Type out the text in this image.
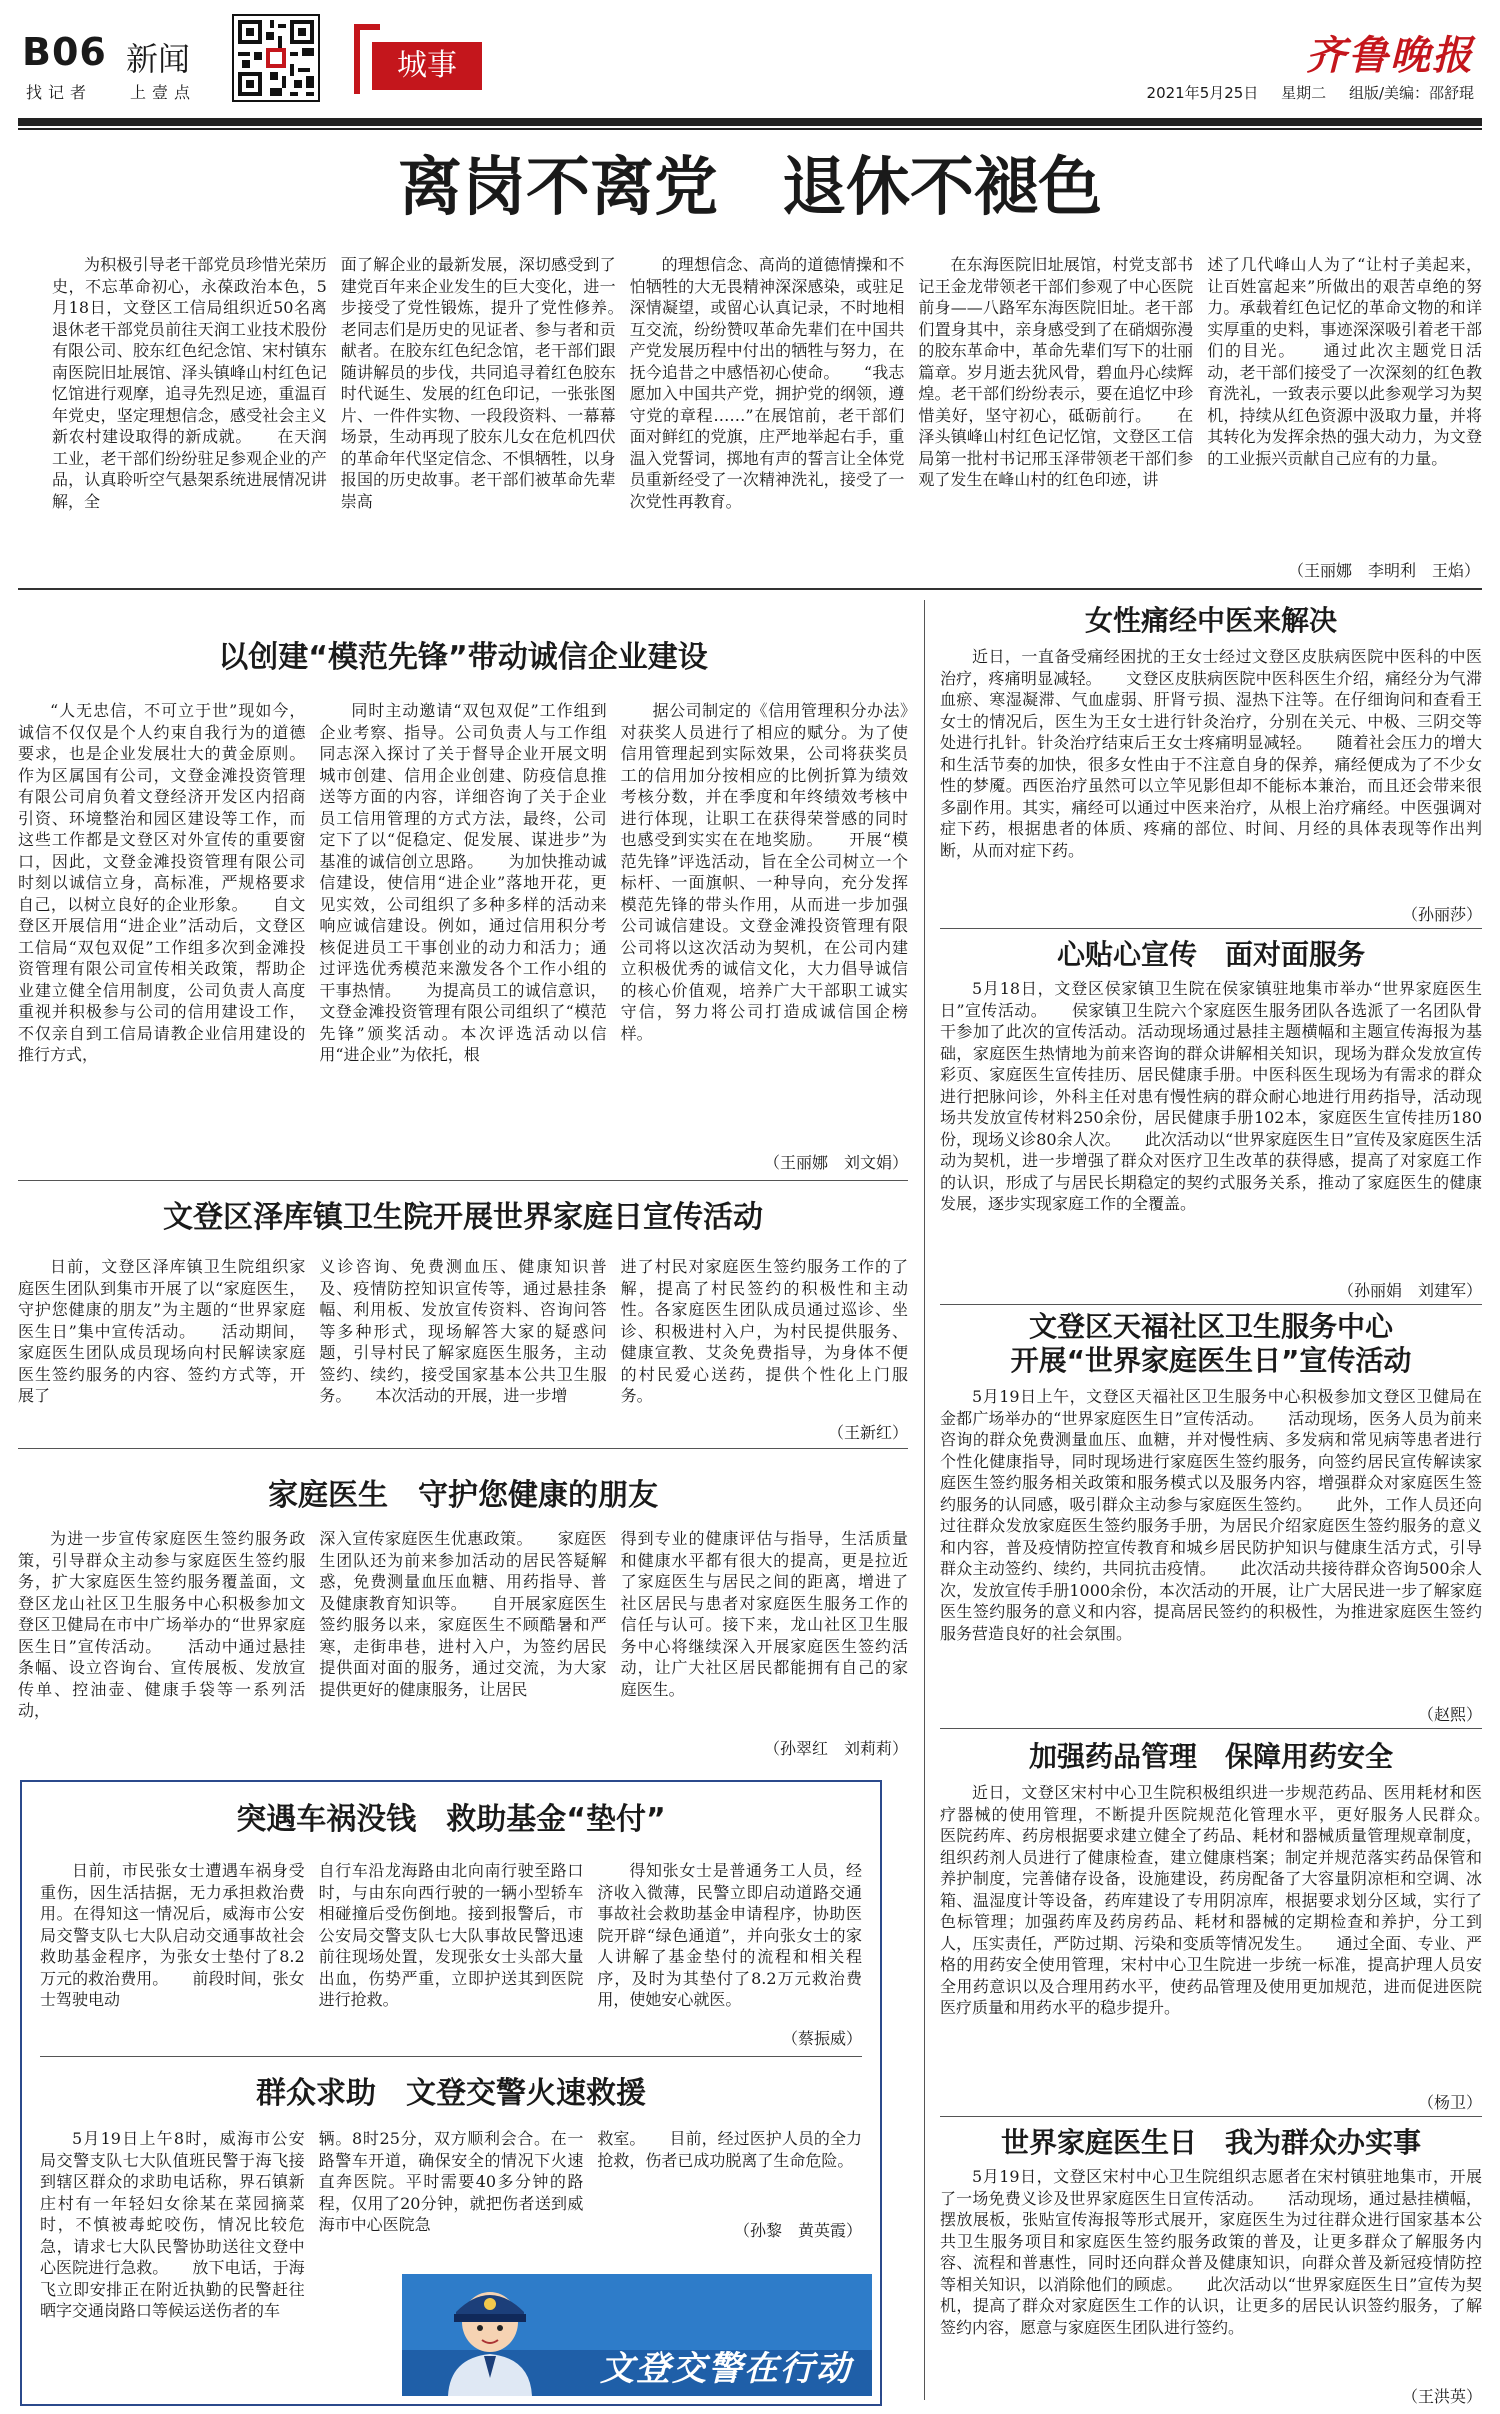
B06 新闻
找记者 上壹点
城事	齐鲁晚报
2021年5月25日 星期二 组版/美编：邵舒琨
离岗不离党　退休不褪色
为积极引导老干部党员珍惜光荣历史，不忘革命初心，永葆政治本色，5月18日，文登区工信局组织近50名离退休老干部党员前往天润工业技术股份有限公司、胶东红色纪念馆、宋村镇东南医院旧址展馆、泽头镇峰山村红色记忆馆进行观摩，追寻先烈足迹，重温百年党史，坚定理想信念，感受社会主义新农村建设取得的新成就。　　在天润工业，老干部们纷纷驻足参观企业的产品，认真聆听空气悬架系统进展情况讲解，全
面了解企业的最新发展，深切感受到了建党百年来企业发生的巨大变化，进一步接受了党性锻炼，提升了党性修养。　　老同志们是历史的见证者、参与者和贡献者。在胶东红色纪念馆，老干部们跟随讲解员的步伐，共同追寻着红色胶东时代诞生、发展的红色印记，一张张图片、一件件实物、一段段资料、一幕幕场景，生动再现了胶东儿女在危机四伏的革命年代坚定信念、不惧牺牲，以身报国的历史故事。老干部们被革命先辈崇高
的理想信念、高尚的道德情操和不怕牺牲的大无畏精神深深感染，或驻足深情凝望，或留心认真记录，不时地相互交流，纷纷赞叹革命先辈们在中国共产党发展历程中付出的牺牲与努力，在抚今追昔之中感悟初心使命。　　“我志愿加入中国共产党，拥护党的纲领，遵守党的章程……”在展馆前，老干部们面对鲜红的党旗，庄严地举起右手，重温入党誓词，掷地有声的誓言让全体党员重新经受了一次精神洗礼，接受了一次党性再教育。
在东海医院旧址展馆，村党支部书记王金龙带领老干部们参观了中心医院前身——八路军东海医院旧址。老干部们置身其中，亲身感受到了在硝烟弥漫的胶东革命中，革命先辈们写下的壮丽篇章。岁月逝去犹风骨，碧血丹心续辉煌。老干部们纷纷表示，要在追忆中珍惜美好，坚守初心，砥砺前行。　　在泽头镇峰山村红色记忆馆，文登区工信局第一批村书记邢玉泽带领老干部们参观了发生在峰山村的红色印迹，讲
述了几代峰山人为了“让村子美起来，让百姓富起来”所做出的艰苦卓绝的努力。承载着红色记忆的革命文物的和详实厚重的史料，事迹深深吸引着老干部们的目光。　　通过此次主题党日活动，老干部们接受了一次深刻的红色教育洗礼，一致表示要以此参观学习为契机，持续从红色资源中汲取力量，并将其转化为发挥余热的强大动力，为文登的工业振兴贡献自己应有的力量。
（王丽娜　李明利　王焰）
以创建“模范先锋”带动诚信企业建设
“人无忠信，不可立于世”现如今，诚信不仅仅是个人约束自我行为的道德要求，也是企业发展壮大的黄金原则。作为区属国有公司，文登金滩投资管理有限公司肩负着文登经济开发区内招商引资、环境整治和园区建设等工作，而这些工作都是文登区对外宣传的重要窗口，因此，文登金滩投资管理有限公司时刻以诚信立身，高标准，严规格要求自己，以树立良好的企业形象。　　自文登区开展信用“进企业”活动后，文登区工信局“双包双促”工作组多次到金滩投资管理有限公司宣传相关政策，帮助企业建立健全信用制度，公司负责人高度重视并积极参与公司的信用建设工作，不仅亲自到工信局请教企业信用建设的推行方式，
同时主动邀请“双包双促”工作组到企业考察、指导。公司负责人与工作组同志深入探讨了关于督导企业开展文明城市创建、信用企业创建、防疫信息推送等方面的内容，详细咨询了关于企业员工信用管理的方式方法，最终，公司定下了以“促稳定、促发展、谋进步”为基准的诚信创立思路。　　为加快推动诚信建设，使信用“进企业”落地开花，更见实效，公司组织了多种多样的活动来响应诚信建设。例如，通过信用积分考核促进员工干事创业的动力和活力；通过评选优秀模范来激发各个工作小组的干事热情。　　为提高员工的诚信意识，文登金滩投资管理有限公司组织了“模范先锋”颁奖活动。本次评选活动以信用“进企业”为依托，根
据公司制定的《信用管理积分办法》对获奖人员进行了相应的赋分。为了使信用管理起到实际效果，公司将获奖员工的信用加分按相应的比例折算为绩效考核分数，并在季度和年终绩效考核中进行体现，让职工在获得荣誉感的同时也感受到实实在在地奖励。　　开展“模范先锋”评选活动，旨在全公司树立一个标杆、一面旗帜、一种导向，充分发挥模范先锋的带头作用，从而进一步加强公司诚信建设。文登金滩投资管理有限公司将以这次活动为契机，在公司内建立积极优秀的诚信文化，大力倡导诚信的核心价值观，培养广大干部职工诚实守信，努力将公司打造成诚信国企榜样。
（王丽娜　刘文娟）
文登区泽库镇卫生院开展世界家庭日宣传活动
日前，文登区泽库镇卫生院组织家庭医生团队到集市开展了以“家庭医生，守护您健康的朋友”为主题的“世界家庭医生日”集中宣传活动。　　活动期间，家庭医生团队成员现场向村民解读家庭医生签约服务的内容、签约方式等，开展了
义诊咨询、免费测血压、健康知识普及、疫情防控知识宣传等，通过悬挂条幅、利用板、发放宣传资料、咨询问答等多种形式，现场解答大家的疑惑问题，引导村民了解家庭医生服务，主动签约、续约，接受国家基本公共卫生服务。　　本次活动的开展，进一步增
进了村民对家庭医生签约服务工作的了解，提高了村民签约的积极性和主动性。各家庭医生团队成员通过巡诊、坐诊、积极进村入户，为村民提供服务、健康宣教、艾灸免费指导，为身体不便的村民爱心送药，提供个性化上门服务。
（王新红）
家庭医生　守护您健康的朋友
为进一步宣传家庭医生签约服务政策，引导群众主动参与家庭医生签约服务，扩大家庭医生签约服务覆盖面，文登区龙山社区卫生服务中心积极参加文登区卫健局在市中广场举办的“世界家庭医生日”宣传活动。　　活动中通过悬挂条幅、设立咨询台、宣传展板、发放宣传单、控油壶、健康手袋等一系列活动，
深入宣传家庭医生优惠政策。　　家庭医生团队还为前来参加活动的居民答疑解惑，免费测量血压血糖、用药指导、普及健康教育知识等。　　自开展家庭医生签约服务以来，家庭医生不顾酷暑和严寒，走街串巷，进村入户，为签约居民提供面对面的服务，通过交流，为大家提供更好的健康服务，让居民
得到专业的健康评估与指导，生活质量和健康水平都有很大的提高，更是拉近了家庭医生与居民之间的距离，增进了社区居民与患者对家庭医生服务工作的信任与认可。接下来，龙山社区卫生服务中心将继续深入开展家庭医生签约活动，让广大社区居民都能拥有自己的家庭医生。
（孙翠红　刘莉莉）
突遇车祸没钱　救助基金“垫付”
日前，市民张女士遭遇车祸身受重伤，因生活拮据，无力承担救治费用。在得知这一情况后，威海市公安局交警支队七大队启动交通事故社会救助基金程序，为张女士垫付了8.2万元的救治费用。　　前段时间，张女士驾驶电动
自行车沿龙海路由北向南行驶至路口时，与由东向西行驶的一辆小型轿车相碰撞后受伤倒地。接到报警后，市公安局交警支队七大队事故民警迅速前往现场处置，发现张女士头部大量出血，伤势严重，立即护送其到医院进行抢救。
得知张女士是普通务工人员，经济收入微薄，民警立即启动道路交通事故社会救助基金申请程序，协助医院开辟“绿色通道”，并向张女士的家人讲解了基金垫付的流程和相关程序，及时为其垫付了8.2万元救治费用，使她安心就医。
（蔡振威）
群众求助　文登交警火速救援
5月19日上午8时，威海市公安局交警支队七大队值班民警于海飞接到辖区群众的求助电话称，界石镇新庄村有一年轻妇女徐某在菜园摘菜时，不慎被毒蛇咬伤，情况比较危急，请求七大队民警协助送往文登中心医院进行急救。　　放下电话，于海飞立即安排正在附近执勤的民警赶往晒字交通岗路口等候运送伤者的车
辆。8时25分，双方顺利会合。在一路警车开道，确保安全的情况下火速直奔医院。平时需要40多分钟的路程，仅用了20分钟，就把伤者送到威海市中心医院急
救室。　　目前，经过医护人员的全力抢救，伤者已成功脱离了生命危险。
（孙黎　黄英霞）
文登交警在行动
女性痛经中医来解决
近日，一直备受痛经困扰的王女士经过文登区皮肤病医院中医科的中医治疗，疼痛明显减轻。　　文登区皮肤病医院中医科医生介绍，痛经分为气滞血瘀、寒湿凝滞、气血虚弱、肝肾亏损、湿热下注等。在仔细询问和查看王女士的情况后，医生为王女士进行针灸治疗，分别在关元、中极、三阴交等处进行扎针。针灸治疗结束后王女士疼痛明显减轻。　　随着社会压力的增大和生活节奏的加快，很多女性由于不注意自身的保养，痛经便成为了不少女性的梦魇。西医治疗虽然可以立竿见影但却不能标本兼治，而且还会带来很多副作用。其实，痛经可以通过中医来治疗，从根上治疗痛经。中医强调对症下药，根据患者的体质、疼痛的部位、时间、月经的具体表现等作出判断，从而对症下药。
（孙丽莎）
心贴心宣传　面对面服务
5月18日，文登区侯家镇卫生院在侯家镇驻地集市举办“世界家庭医生日”宣传活动。　　侯家镇卫生院六个家庭医生服务团队各选派了一名团队骨干参加了此次的宣传活动。活动现场通过悬挂主题横幅和主题宣传海报为基础，家庭医生热情地为前来咨询的群众讲解相关知识，现场为群众发放宣传彩页、家庭医生宣传挂历、居民健康手册。中医科医生现场为有需求的群众进行把脉问诊，外科主任对患有慢性病的群众耐心地进行用药指导，活动现场共发放宣传材料250余份，居民健康手册102本，家庭医生宣传挂历180份，现场义诊80余人次。　　此次活动以“世界家庭医生日”宣传及家庭医生活动为契机，进一步增强了群众对医疗卫生改革的获得感，提高了对家庭工作的认识，形成了与居民长期稳定的契约式服务关系，推动了家庭医生的健康发展，逐步实现家庭工作的全覆盖。
（孙丽娟　刘建军）
文登区天福社区卫生服务中心
开展“世界家庭医生日”宣传活动
5月19日上午，文登区天福社区卫生服务中心积极参加文登区卫健局在金都广场举办的“世界家庭医生日”宣传活动。　　活动现场，医务人员为前来咨询的群众免费测量血压、血糖，并对慢性病、多发病和常见病等患者进行个性化健康指导，同时现场进行家庭医生签约服务，向签约居民宣传解读家庭医生签约服务相关政策和服务模式以及服务内容，增强群众对家庭医生签约服务的认同感，吸引群众主动参与家庭医生签约。　　此外，工作人员还向过往群众发放家庭医生签约服务手册，为居民介绍家庭医生签约服务的意义和内容，普及疫情防控宣传教育和城乡居民防护知识与健康生活方式，引导群众主动签约、续约，共同抗击疫情。　　此次活动共接待群众咨询500余人次，发放宣传手册1000余份，本次活动的开展，让广大居民进一步了解家庭医生签约服务的意义和内容，提高居民签约的积极性，为推进家庭医生签约服务营造良好的社会氛围。
（赵熙）
加强药品管理　保障用药安全
近日，文登区宋村中心卫生院积极组织进一步规范药品、医用耗材和医疗器械的使用管理，不断提升医院规范化管理水平，更好服务人民群众。　　医院药库、药房根据要求建立健全了药品、耗材和器械质量管理规章制度，组织药剂人员进行了健康检查，建立健康档案；制定并规范落实药品保管和养护制度，完善储存设备，设施建设，药房配备了大容量阴凉柜和空调、冰箱、温湿度计等设备，药库建设了专用阴凉库，根据要求划分区域，实行了色标管理；加强药库及药房药品、耗材和器械的定期检查和养护，分工到人，压实责任，严防过期、污染和变质等情况发生。　　通过全面、专业、严格的用药安全使用管理，宋村中心卫生院进一步统一标准，提高护理人员安全用药意识以及合理用药水平，使药品管理及使用更加规范，进而促进医院医疗质量和用药水平的稳步提升。
（杨卫）
世界家庭医生日　我为群众办实事
5月19日，文登区宋村中心卫生院组织志愿者在宋村镇驻地集市，开展了一场免费义诊及世界家庭医生日宣传活动。　　活动现场，通过悬挂横幅，摆放展板，张贴宣传海报等形式展开，家庭医生为过往群众进行国家基本公共卫生服务项目和家庭医生签约服务政策的普及，让更多群众了解服务内容、流程和普惠性，同时还向群众普及健康知识，向群众普及新冠疫情防控等相关知识，以消除他们的顾虑。　　此次活动以“世界家庭医生日”宣传为契机，提高了群众对家庭医生工作的认识，让更多的居民认识签约服务，了解签约内容，愿意与家庭医生团队进行签约。
（王洪英）
